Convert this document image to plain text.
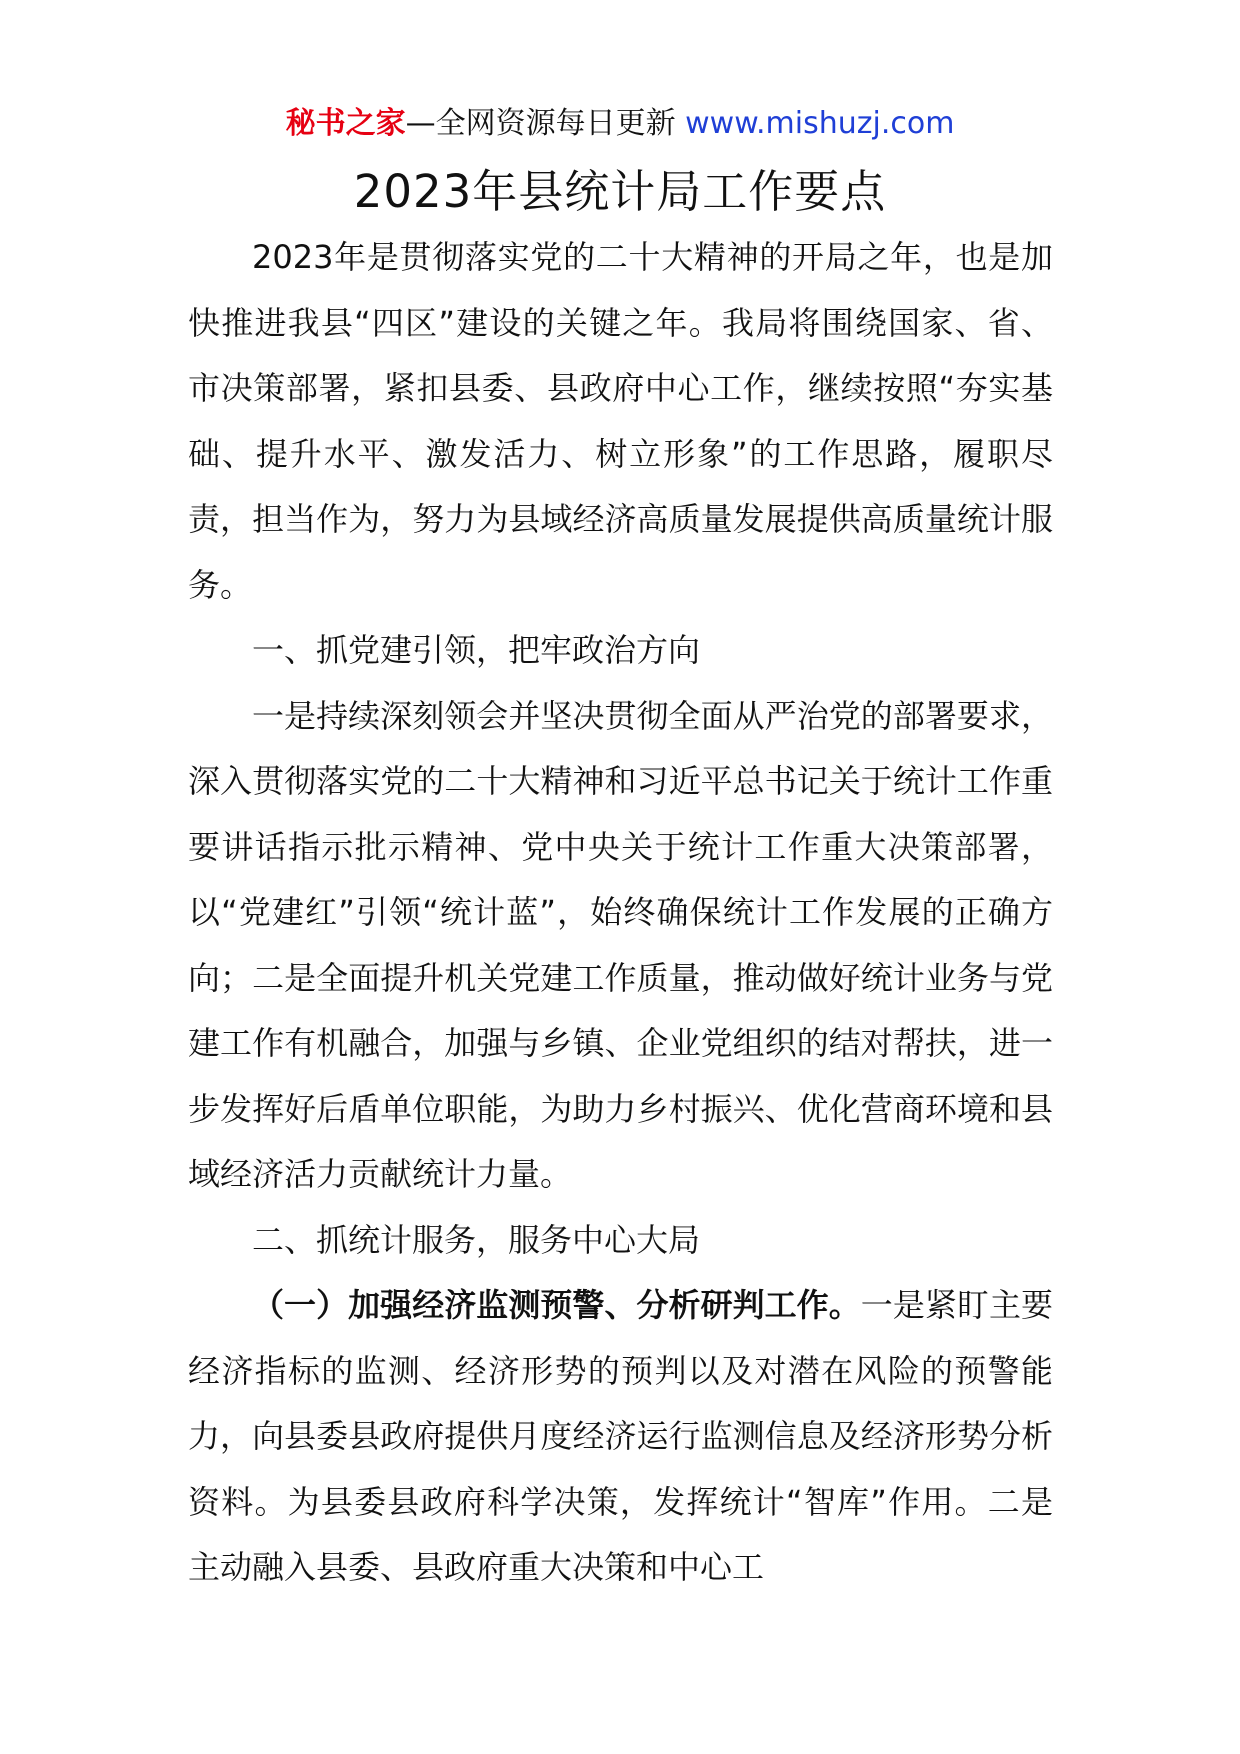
秘书之家—全网资源每日更新 www.mishuzj.com
2023年县统计局工作要点

2023年是贯彻落实党的二十大精神的开局之年，也是加快推进我县“四区”建设的关键之年。我局将围绕国家、省、市决策部署，紧扣县委、县政府中心工作，继续按照“夯实基础、提升水平、激发活力、树立形象”的工作思路，履职尽责，担当作为，努力为县域经济高质量发展提供高质量统计服务。

一、抓党建引领，把牢政治方向

一是持续深刻领会并坚决贯彻全面从严治党的部署要求，深入贯彻落实党的二十大精神和习近平总书记关于统计工作重要讲话指示批示精神、党中央关于统计工作重大决策部署，以“党建红”引领“统计蓝”，始终确保统计工作发展的正确方向；二是全面提升机关党建工作质量，推动做好统计业务与党建工作有机融合，加强与乡镇、企业党组织的结对帮扶，进一步发挥好后盾单位职能，为助力乡村振兴、优化营商环境和县域经济活力贡献统计力量。

二、抓统计服务，服务中心大局

（一）加强经济监测预警、分析研判工作。一是紧盯主要经济指标的监测、经济形势的预判以及对潜在风险的预警能力，向县委县政府提供月度经济运行监测信息及经济形势分析资料。为县委县政府科学决策，发挥统计“智库”作用。二是主动融入县委、县政府重大决策和中心工
